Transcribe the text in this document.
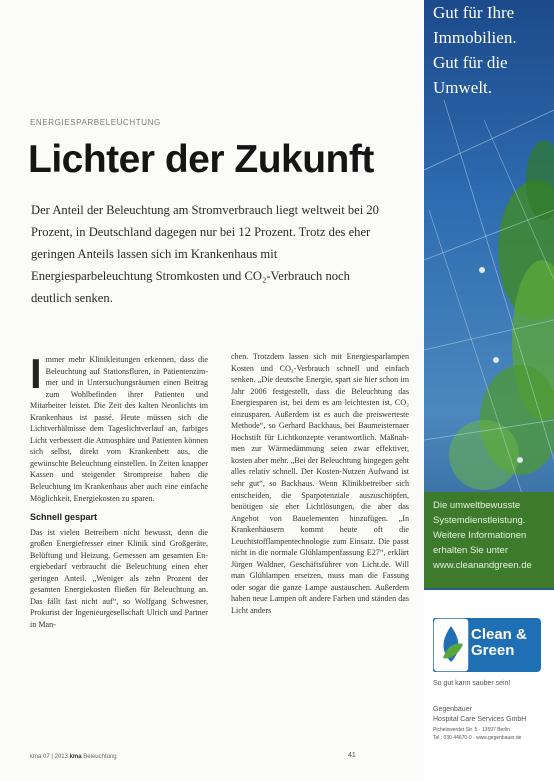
ENERGIESPARBELEUCHTUNG
Lichter der Zukunft

Der Anteil der Beleuchtung am Stromverbrauch liegt weltweit bei 20 Prozent, in Deutschland dagegen nur bei 12 Prozent. Trotz des eher geringen Anteils lassen sich im Krankenhaus mit Energiesparbeleuchtung Stromkosten und CO₂-Verbrauch noch deutlich senken.

I mmer mehr Klinikleitungen erkennen, dass die Beleuchtung auf Stationsfluren, in Patientenzimmer und in Untersuchungsräumen einen Beitrag zum Wohlbefinden ihrer Patienten und Mitarbeiter leistet. Die Zeit des kalten Neonlichts im Krankenhaus ist passé. Heute müssen sich die Lichtverhältnisse dem Tageslichtverlauf an, farbiges Licht verbessert die Atmosphäre und Patienten können sich selbst, direkt vom Krankenbett aus, die gewünschte Beleuchtung einstellen. In Zeiten knapper Kassen und steigender Strompreise haben die Beleuchtung im Krankenhaus aber auch eine einfache Möglichkeit, Energiekosten zu sparen.

Schnell gespart

Das ist vielen Betreibern nicht bewusst, denn die großen Energiefresser einer Klinik sind Großgeräte, Belüftung und Heizung. Gemessen am gesamten Energiebedarf verbraucht die Beleuchtung einen eher geringen Anteil. „Weniger als zehn Prozent der gesamten Energiekosten fließen für Beleuchtung an. Das fällt fast nicht auf“, so Wolfgang Schwesner, Prokurist der Ingenieurgesellschaft Ulrich und Partner in Man-

chen. Trotzdem lassen sich mit Energiesparlampen Kosten und CO₂-Verbrauch schnell und einfach senken. „Die deutsche Energie, spart sie hier schon im Jahr 2006 festgestellt, dass die Beleuchtung das Energiesparen ist, bei dem es am leichtesten ist, CO₂ einzusparen. Außerdem ist es auch die preiswerteste Methode“, so Gerhard Backhaus, bei Baumeisternaer Hochstift für Lichtkonzepte verantwortlich. Maßnahmen zur Wärmedämmung seien zwar effektiver, kosten aber mehr. „Bei der Beleuchtung hingegen geht alles relativ schnell. Der Kosten-Nutzen Aufwand ist sehr gut“, so Backhaus. Wenn Klinikbetreiber sich entscheiden, die Sparpotenziale auszuschöpfen, benötigen sie eher Lichtlösungen, die aber das Angebot von Bauelementen hinzufügen. „In Krankenhäusern kommt heute oft die Leuchtstofflampentechnologie zum Einsatz. Die passt nicht in die normale Glühlampenfassung E27“, erklärt Jürgen Waldner, Geschäftsführer von Licht.de. Will man Glühlampen ersetzen, muss man die Fassung oder sogar die ganze Lampe austauschen. Außerdem haben neue Lampen oft andere Farben und ständen das Licht anders

kma 07 | 2013 kma Beleuchtung	41
Gut für Ihre
Immobilien.
Gut für die
Umwelt.
Die umweltbewusste
Systemdienstleistung.
Weitere Informationen
erhalten Sie unter
www.cleanandgreen.de
Clean &
Green
So gut kann sauber sein!
Gegenbauer
Hospital Care Services GmbH
Pichelswerder Str. 5 · 13597 Berlin
Tel.: 030 44670-0 · www.gegenbauer.de
